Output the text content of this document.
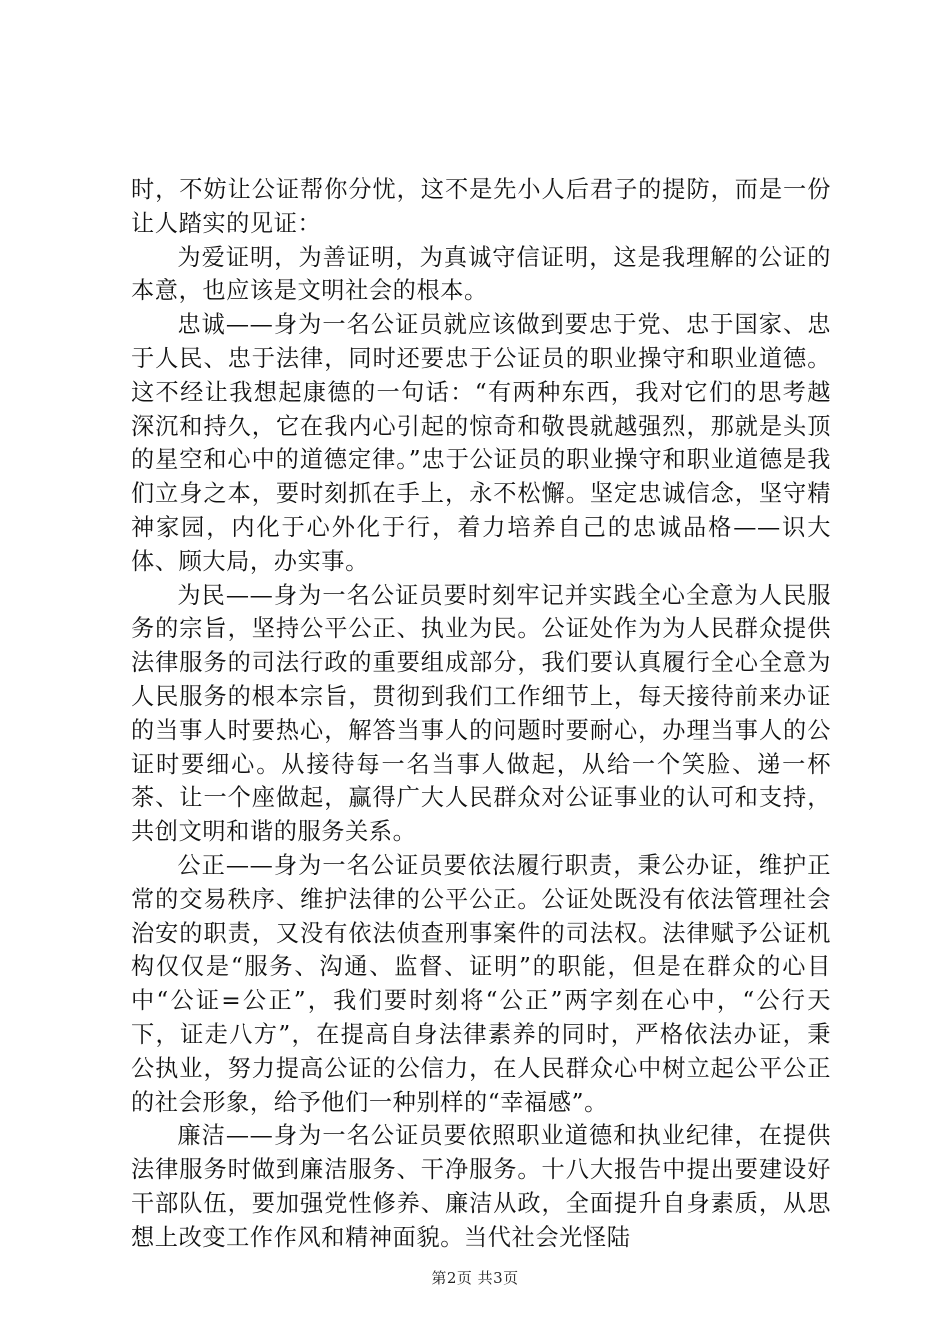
时，不妨让公证帮你分忧，这不是先小人后君子的提防，而是一份让人踏实的见证：

为爱证明，为善证明，为真诚守信证明，这是我理解的公证的本意，也应该是文明社会的根本。

忠诚——身为一名公证员就应该做到要忠于党、忠于国家、忠于人民、忠于法律，同时还要忠于公证员的职业操守和职业道德。这不经让我想起康德的一句话：“有两种东西，我对它们的思考越深沉和持久，它在我内心引起的惊奇和敬畏就越强烈，那就是头顶的星空和心中的道德定律。”忠于公证员的职业操守和职业道德是我们立身之本，要时刻抓在手上，永不松懈。坚定忠诚信念，坚守精神家园，内化于心外化于行，着力培养自己的忠诚品格——识大体、顾大局，办实事。

为民——身为一名公证员要时刻牢记并实践全心全意为人民服务的宗旨，坚持公平公正、执业为民。公证处作为为人民群众提供法律服务的司法行政的重要组成部分，我们要认真履行全心全意为人民服务的根本宗旨，贯彻到我们工作细节上，每天接待前来办证的当事人时要热心，解答当事人的问题时要耐心，办理当事人的公证时要细心。从接待每一名当事人做起，从给一个笑脸、递一杯茶、让一个座做起，赢得广大人民群众对公证事业的认可和支持，共创文明和谐的服务关系。

公正——身为一名公证员要依法履行职责，秉公办证，维护正常的交易秩序、维护法律的公平公正。公证处既没有依法管理社会治安的职责，又没有依法侦查刑事案件的司法权。法律赋予公证机构仅仅是“服务、沟通、监督、证明”的职能，但是在群众的心目中“公证=公正”，我们要时刻将“公正”两字刻在心中，“公行天下，证走八方”，在提高自身法律素养的同时，严格依法办证，秉公执业，努力提高公证的公信力，在人民群众心中树立起公平公正的社会形象，给予他们一种别样的“幸福感”。

廉洁——身为一名公证员要依照职业道德和执业纪律，在提供法律服务时做到廉洁服务、干净服务。十八大报告中提出要建设好干部队伍，要加强党性修养、廉洁从政，全面提升自身素质，从思想上改变工作作风和精神面貌。当代社会光怪陆

第2页 共3页
